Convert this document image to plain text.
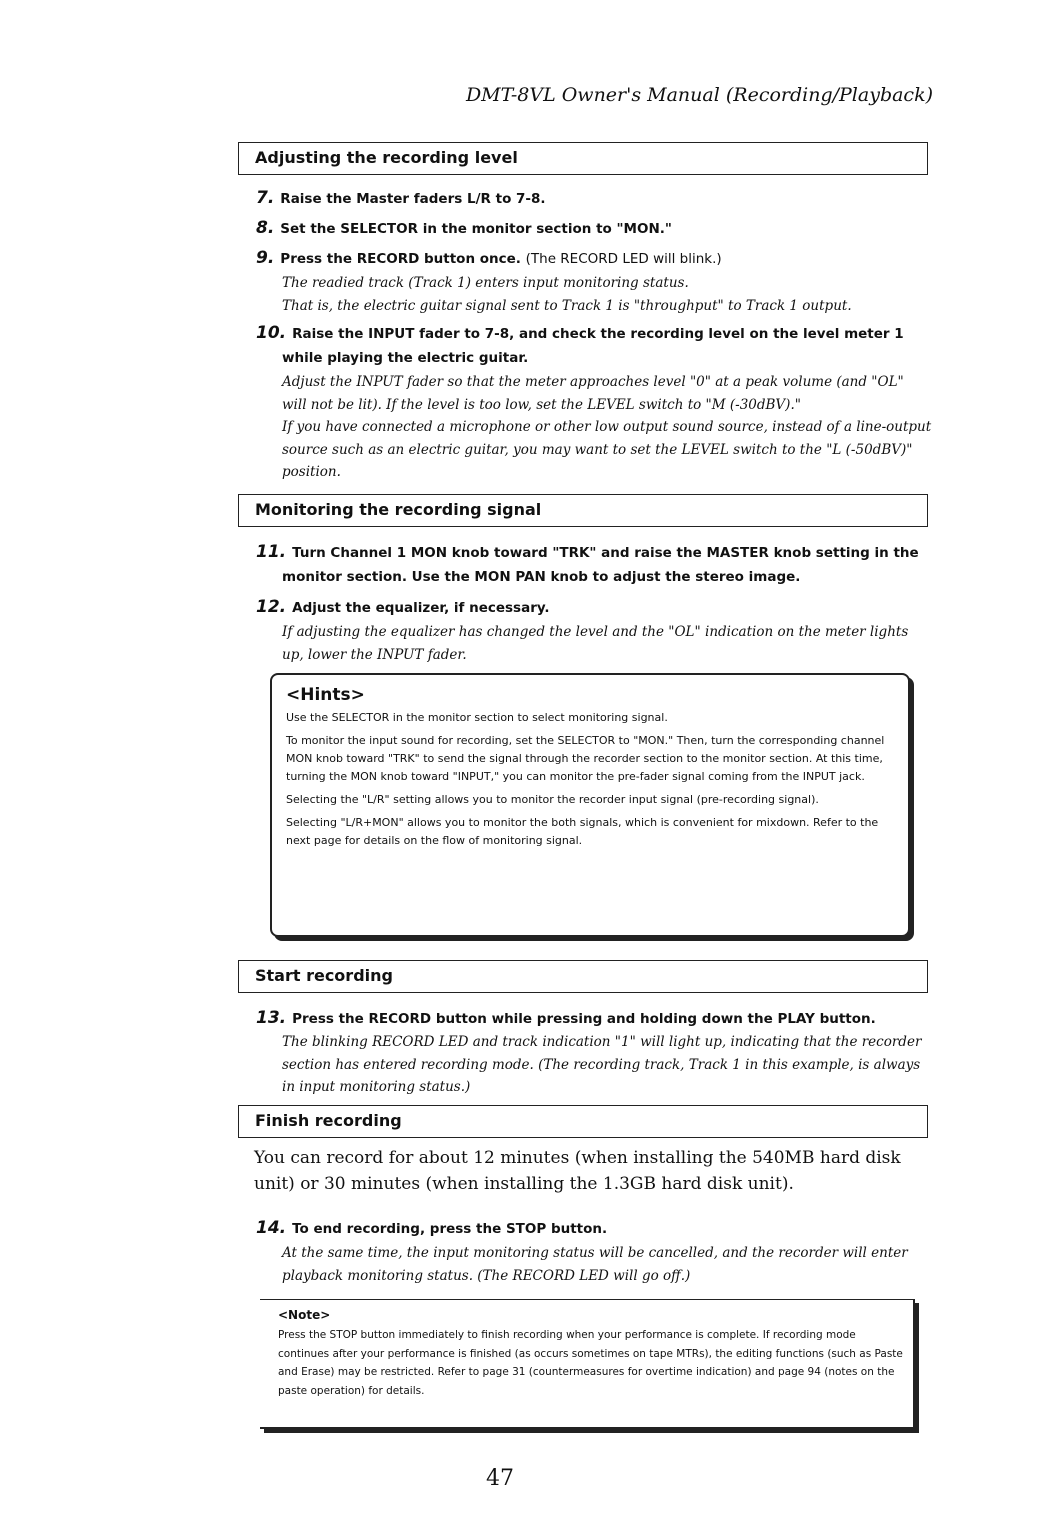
DMT-8VL Owner's Manual (Recording/Playback)
Adjusting the recording level
7. Raise the Master faders L/R to 7-8.
8. Set the SELECTOR in the monitor section to "MON."
9. Press the RECORD button once. (The RECORD LED will blink.)

The readied track (Track 1) enters input monitoring status.

That is, the electric guitar signal sent to Track 1 is "throughput" to Track 1 output.

10. Raise the INPUT fader to 7-8, and check the recording level on the level meter 1
while playing the electric guitar.

Adjust the INPUT fader so that the meter approaches level "0" at a peak volume (and "OL" will not be lit). If the level is too low, set the LEVEL switch to "M (-30dBV)."

If you have connected a microphone or other low output sound source, instead of a line-output source such as an electric guitar, you may want to set the LEVEL switch to the "L (-50dBV)" position.

Monitoring the recording signal
11. Turn Channel 1 MON knob toward "TRK" and raise the MASTER knob setting in the
monitor section. Use the MON PAN knob to adjust the stereo image.
12. Adjust the equalizer, if necessary.

If adjusting the equalizer has changed the level and the "OL" indication on the meter lights up, lower the INPUT fader.

<Hints>

Use the SELECTOR in the monitor section to select monitoring signal.

To monitor the input sound for recording, set the SELECTOR to "MON." Then, turn the corresponding channel MON knob toward "TRK" to send the signal through the recorder section to the monitor section. At this time, turning the MON knob toward "INPUT," you can monitor the pre-fader signal coming from the INPUT jack.

Selecting the "L/R" setting allows you to monitor the recorder input signal (pre-recording signal).

Selecting "L/R+MON" allows you to monitor the both signals, which is convenient for mixdown. Refer to the next page for details on the flow of monitoring signal.

Start recording
13. Press the RECORD button while pressing and holding down the PLAY button.

The blinking RECORD LED and track indication "1" will light up, indicating that the recorder section has entered recording mode. (The recording track, Track 1 in this example, is always in input monitoring status.)

Finish recording
You can record for about 12 minutes (when installing the 540MB hard disk unit) or 30 minutes (when installing the 1.3GB hard disk unit).
14. To end recording, press the STOP button.

At the same time, the input monitoring status will be cancelled, and the recorder will enter playback monitoring status. (The RECORD LED will go off.)

<Note>

Press the STOP button immediately to finish recording when your performance is complete. If recording mode continues after your performance is finished (as occurs sometimes on tape MTRs), the editing functions (such as Paste and Erase) may be restricted. Refer to page 31 (countermeasures for overtime indication) and page 94 (notes on the paste operation) for details.

47
